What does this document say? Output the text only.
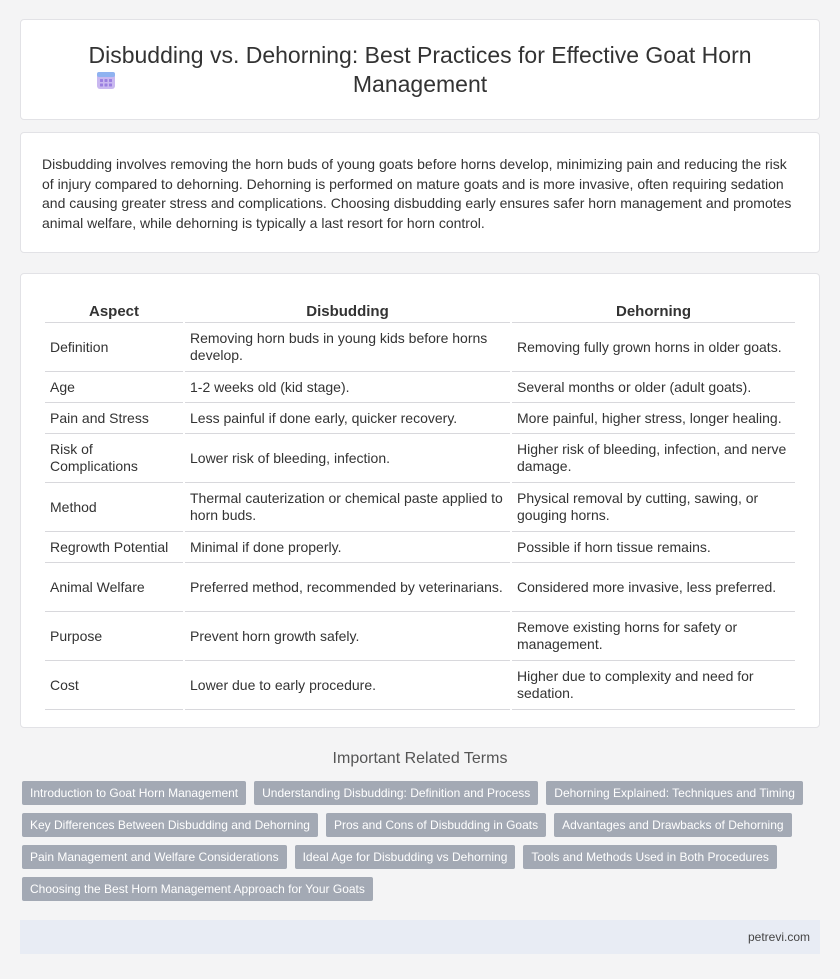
Disbudding vs. Dehorning: Best Practices for Effective Goat Horn Management

Disbudding involves removing the horn buds of young goats before horns develop, minimizing pain and reducing the risk of injury compared to dehorning. Dehorning is performed on mature goats and is more invasive, often requiring sedation and causing greater stress and complications. Choosing disbudding early ensures safer horn management and promotes animal welfare, while dehorning is typically a last resort for horn control.

Aspect	Disbudding	Dehorning
Definition	Removing horn buds in young kids before horns develop.	Removing fully grown horns in older goats.
Age	1-2 weeks old (kid stage).	Several months or older (adult goats).
Pain and Stress	Less painful if done early, quicker recovery.	More painful, higher stress, longer healing.
Risk of Complications	Lower risk of bleeding, infection.	Higher risk of bleeding, infection, and nerve damage.
Method	Thermal cauterization or chemical paste applied to horn buds.	Physical removal by cutting, sawing, or gouging horns.
Regrowth Potential	Minimal if done properly.	Possible if horn tissue remains.
Animal Welfare	Preferred method, recommended by veterinarians.	Considered more invasive, less preferred.
Purpose	Prevent horn growth safely.	Remove existing horns for safety or management.
Cost	Lower due to early procedure.	Higher due to complexity and need for sedation.
Important Related Terms
Introduction to Goat Horn Management	Understanding Disbudding: Definition and Process	Dehorning Explained: Techniques and Timing
Key Differences Between Disbudding and Dehorning	Pros and Cons of Disbudding in Goats	Advantages and Drawbacks of Dehorning
Pain Management and Welfare Considerations	Ideal Age for Disbudding vs Dehorning	Tools and Methods Used in Both Procedures
Choosing the Best Horn Management Approach for Your Goats
petrevi.com
